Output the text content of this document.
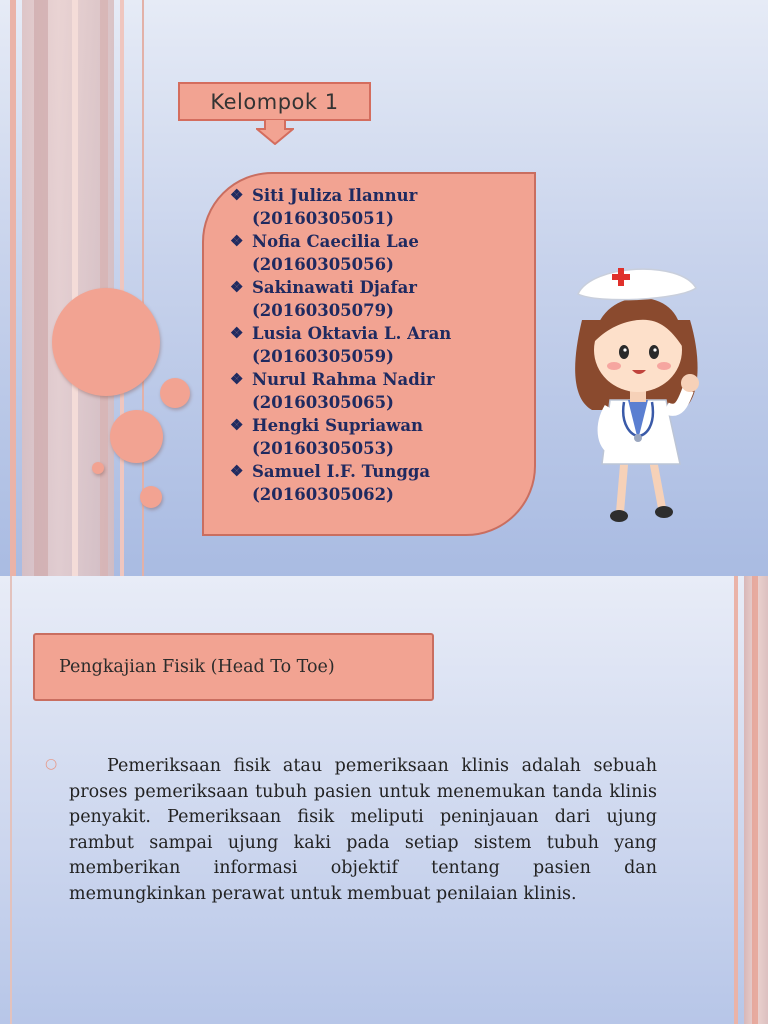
Kelompok 1
❖ Siti Juliza Ilannur
(20160305051)
❖ Nofia Caecilia Lae
(20160305056)
❖ Sakinawati Djafar
(20160305079)
❖ Lusia Oktavia L. Aran
(20160305059)
❖ Nurul Rahma Nadir
(20160305065)
❖ Hengki Supriawan
(20160305053)
❖ Samuel I.F. Tungga
(20160305062)
Pengkajian Fisik (Head To Toe)
○	Pemeriksaan fisik atau pemeriksaan klinis adalah sebuah proses pemeriksaan tubuh pasien untuk menemukan tanda klinis penyakit. Pemeriksaan fisik meliputi peninjauan dari ujung rambut sampai ujung kaki pada setiap sistem tubuh yang memberikan informasi objektif tentang pasien dan memungkinkan perawat untuk membuat penilaian klinis.
